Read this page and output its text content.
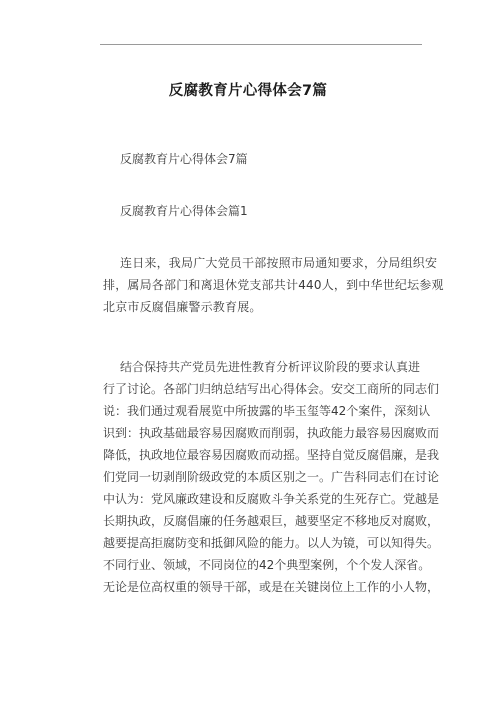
反腐教育片心得体会7篇
反腐教育片心得体会7篇
反腐教育片心得体会篇1
连日来，我局广大党员干部按照市局通知要求，分局组织安
排，属局各部门和离退休党支部共计440人，到中华世纪坛参观
北京市反腐倡廉警示教育展。
结合保持共产党员先进性教育分析评议阶段的要求认真进
行了讨论。各部门归纳总结写出心得体会。安交工商所的同志们
说：我们通过观看展览中所披露的毕玉玺等42个案件，深刻认
识到：执政基础最容易因腐败而削弱，执政能力最容易因腐败而
降低，执政地位最容易因腐败而动摇。坚持自觉反腐倡廉，是我
们党同一切剥削阶级政党的本质区别之一。广告科同志们在讨论
中认为：党风廉政建设和反腐败斗争关系党的生死存亡。党越是
长期执政，反腐倡廉的任务越艰巨，越要坚定不移地反对腐败，
越要提高拒腐防变和抵御风险的能力。以人为镜，可以知得失。
不同行业、领域，不同岗位的42个典型案例，个个发人深省。
无论是位高权重的领导干部，或是在关键岗位上工作的小人物，
